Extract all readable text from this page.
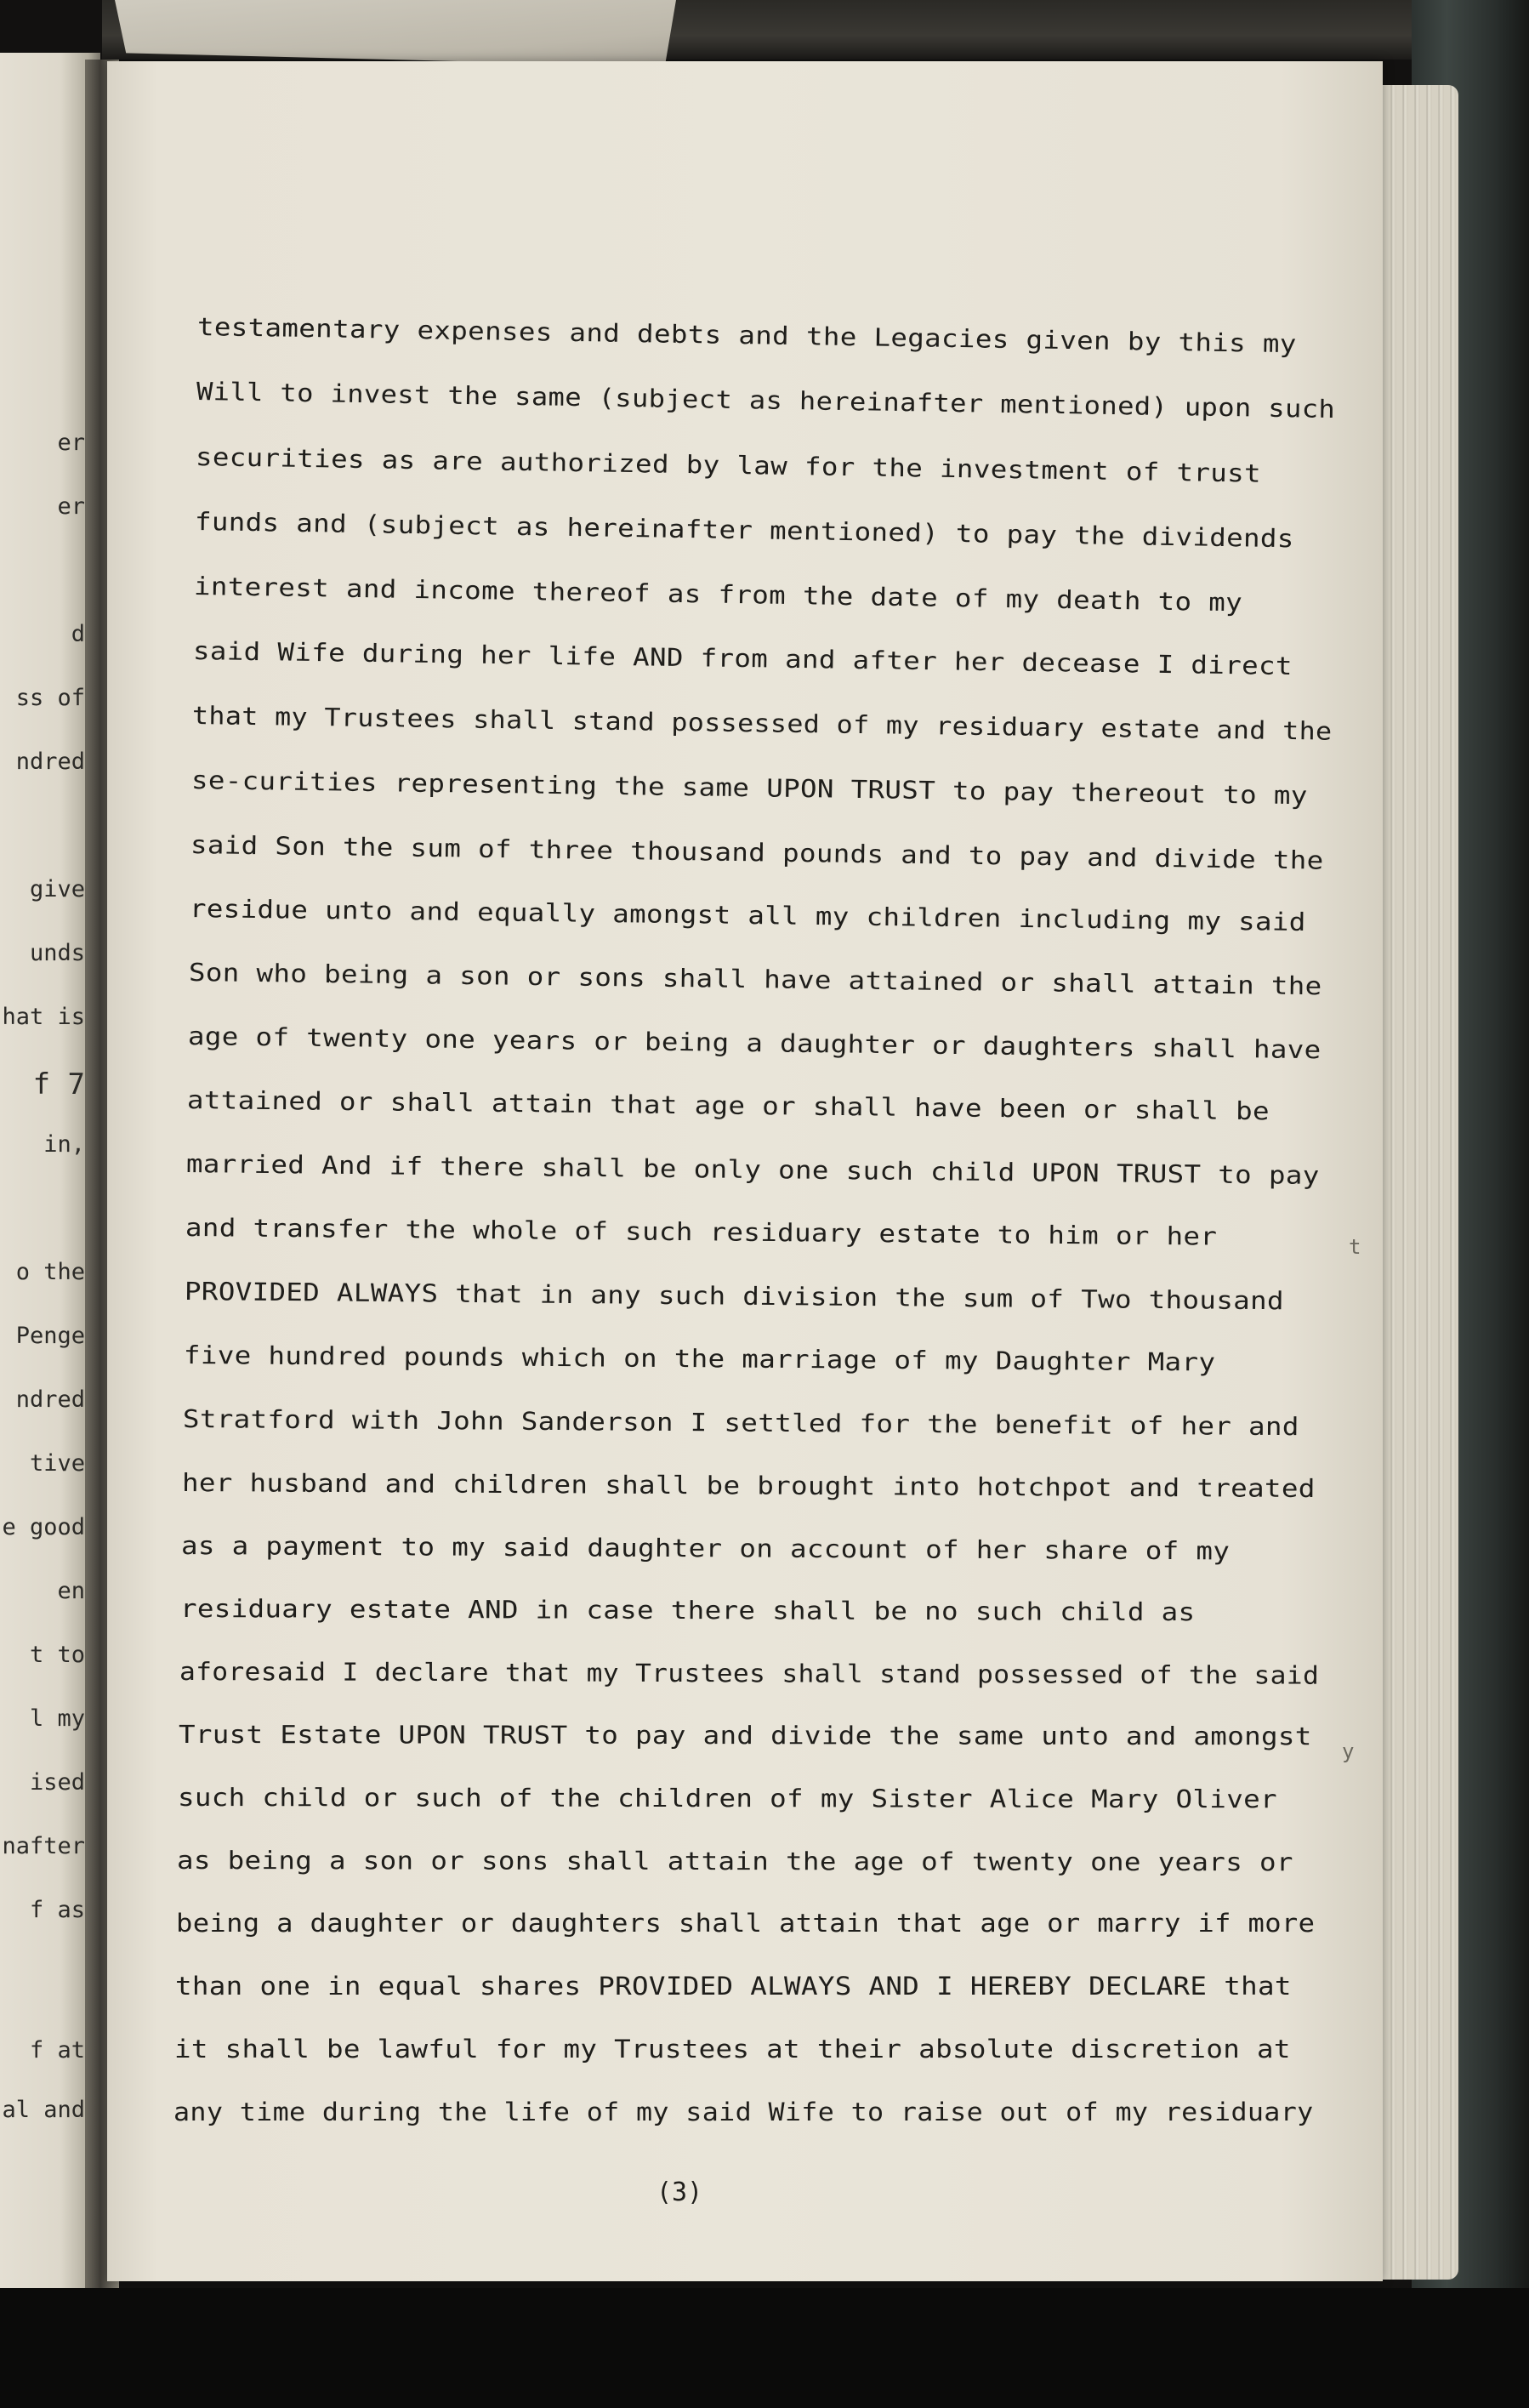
er
er
d
ss of
ndred
give
unds
hat is
f 7
in,
o the
Penge
ndred
tive
e good
en
t to
l my
ised
nafter
f as
f at
al and
testamentary expenses and debts and the Legacies given by this my
Will to invest the same (subject as hereinafter mentioned) upon such
securities as are authorized by law for the investment of trust
funds and (subject as hereinafter mentioned) to pay the dividends
interest and income thereof as from the date of my death to my
said Wife during her life AND from and after her decease I direct
that my Trustees shall stand possessed of my residuary estate and the
se-curities representing the same UPON TRUST to pay thereout to my
said Son the sum of three thousand pounds and to pay and divide the
residue unto and equally amongst all my children including my said
Son who being a son or sons shall have attained or shall attain the
age of twenty one years or being a daughter or daughters shall have
attained or shall attain that age or shall have been or shall be
married And if there shall be only one such child UPON TRUST to pay
and transfer the whole of such residuary estate to him or her
PROVIDED ALWAYS that in any such division the sum of Two thousand
five hundred pounds which on the marriage of my Daughter Mary
Stratford with John Sanderson I settled for the benefit of her and
her husband and children shall be brought into hotchpot and treated
as a payment to my said daughter on account of her share of my
residuary estate AND in case there shall be no such child as
aforesaid I declare that my Trustees shall stand possessed of the said
Trust Estate UPON TRUST to pay and divide the same unto and amongst
such child or such of the children of my Sister Alice Mary Oliver
as being a son or sons shall attain the age of twenty one years or
being a daughter or daughters shall attain that age or marry if more
than one in equal shares PROVIDED ALWAYS AND I HEREBY DECLARE that
it shall be lawful for my Trustees at their absolute discretion at
any time during the life of my said Wife to raise out of my residuary
(3)
t
y
